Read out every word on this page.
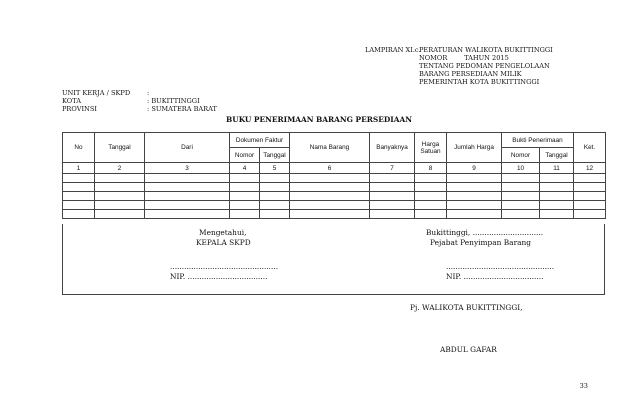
LAMPIRAN XI.c.
PERATURAN WALIKOTA BUKITTINGGI
NOMOR        TAHUN 2015
TENTANG PEDOMAN PENGELOLAAN
BARANG PERSEDIAAN MILIK
PEMERINTAH KOTA BUKITTINGGI
UNIT KERJA / SKPD	:
KOTA	: BUKITTINGGI
PROVINSI	: SUMATERA BARAT
BUKU PENERIMAAN BARANG PERSEDIAAN
No	Tanggal	Dari	Dokumen Faktur		Nama Barang	Banyaknya	Harga Satuan	Jumlah Harga	Bukti Penerimaan		Ket.
			Nomor	Tanggal					Nomor	Tanggal	
1	2	3	4	5	6	7	8	9	10	11	12

Mengetahui,
KEPALA SKPD
..............................................
NIP. ..................................
Bukittinggi, ..............................
Pejabat Penyimpan Barang
..............................................
NIP. ..................................
Pj. WALIKOTA BUKITTINGGI,
ABDUL GAFAR
33
